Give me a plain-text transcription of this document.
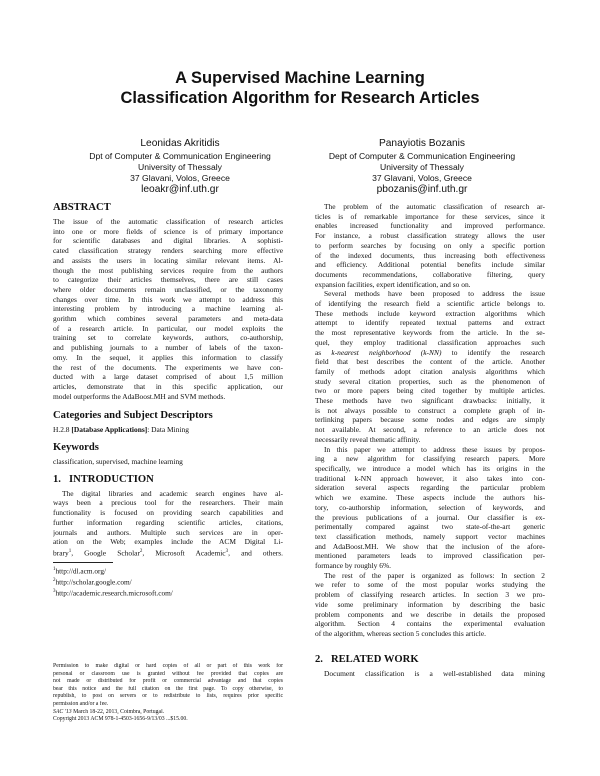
A Supervised Machine Learning
Classification Algorithm for Research Articles
Leonidas Akritidis
Dpt of Computer & Communication Engineering
University of Thessaly
37 Glavani, Volos, Greece
leoakr@inf.uth.gr
Panayiotis Bozanis
Dept of Computer & Communication Engineering
University of Thessaly
37 Glavani, Volos, Greece
pbozanis@inf.uth.gr
ABSTRACT
The issue of the automatic classification of research articles
into one or more fields of science is of primary importance
for scientific databases and digital libraries. A sophisti-
cated classification strategy renders searching more effective
and assists the users in locating similar relevant items. Al-
though the most publishing services require from the authors
to categorize their articles themselves, there are still cases
where older documents remain unclassified, or the taxonomy
changes over time. In this work we attempt to address this
interesting problem by introducing a machine learning al-
gorithm which combines several parameters and meta-data
of a research article. In particular, our model exploits the
training set to correlate keywords, authors, co-authorship,
and publishing journals to a number of labels of the taxon-
omy. In the sequel, it applies this information to classify
the rest of the documents. The experiments we have con-
ducted with a large dataset comprised of about 1,5 million
articles, demonstrate that in this specific application, our
model outperforms the AdaBoost.MH and SVM methods.
Categories and Subject Descriptors
H.2.8 [Database Applications]: Data Mining
Keywords
classification, supervised, machine learning
1. INTRODUCTION
The digital libraries and academic search engines have al-
ways been a precious tool for the researchers. Their main
functionality is focused on providing search capabilities and
further information regarding scientific articles, citations,
journals and authors. Multiple such services are in oper-
ation on the Web; examples include the ACM Digital Li-
brary$^1$, Google Scholar$^2$, Microsoft Academic$^3$, and others.
$^1$http://dl.acm.org/
$^2$http://scholar.google.com/
$^3$http://academic.research.microsoft.com/
Permission to make digital or hard copies of all or part of this work for
personal or classroom use is granted without fee provided that copies are
not made or distributed for profit or commercial advantage and that copies
bear this notice and the full citation on the first page. To copy otherwise, to
republish, to post on servers or to redistribute to lists, requires prior specific
permission and/or a fee.
SAC '13 March 18-22, 2013, Coimbra, Portugal.
Copyright 2013 ACM 978-1-4503-1656-9/13/03 ...$15.00.
The problem of the automatic classification of research ar-
ticles is of remarkable importance for these services, since it
enables increased functionality and improved performance.
For instance, a robust classification strategy allows the user
to perform searches by focusing on only a specific portion
of the indexed documents, thus increasing both effectiveness
and efficiency. Additional potential benefits include similar
documents recommendations, collaborative filtering, query
expansion facilities, expert identification, and so on.
Several methods have been proposed to address the issue
of identifying the research field a scientific article belongs to.
These methods include keyword extraction algorithms which
attempt to identify repeated textual patterns and extract
the most representative keywords from the article. In the se-
quel, they employ traditional classification approaches such
as k-nearest neighborhood (k-NN) to identify the research
field that best describes the content of the article. Another
family of methods adopt citation analysis algorithms which
study several citation properties, such as the phenomenon of
two or more papers being cited together by multiple articles.
These methods have two significant drawbacks: initially, it
is not always possible to construct a complete graph of in-
terlinking papers because some nodes and edges are simply
not available. At second, a reference to an article does not
necessarily reveal thematic affinity.
In this paper we attempt to address these issues by propos-
ing a new algorithm for classifying research papers. More
specifically, we introduce a model which has its origins in the
traditional k-NN approach however, it also takes into con-
sideration several aspects regarding the particular problem
which we examine. These aspects include the authors his-
tory, co-authorship information, selection of keywords, and
the previous publications of a journal. Our classifier is ex-
perimentally compared against two state-of-the-art generic
text classification methods, namely support vector machines
and AdaBoost.MH. We show that the inclusion of the afore-
mentioned parameters leads to improved classification per-
formance by roughly 6%.
The rest of the paper is organized as follows: In section 2
we refer to some of the most popular works studying the
problem of classifying research articles. In section 3 we pro-
vide some preliminary information by describing the basic
problem components and we describe in details the proposed
algorithm. Section 4 contains the experimental evaluation
of the algorithm, whereas section 5 concludes this article.
2. RELATED WORK
Document classification is a well-established data mining
